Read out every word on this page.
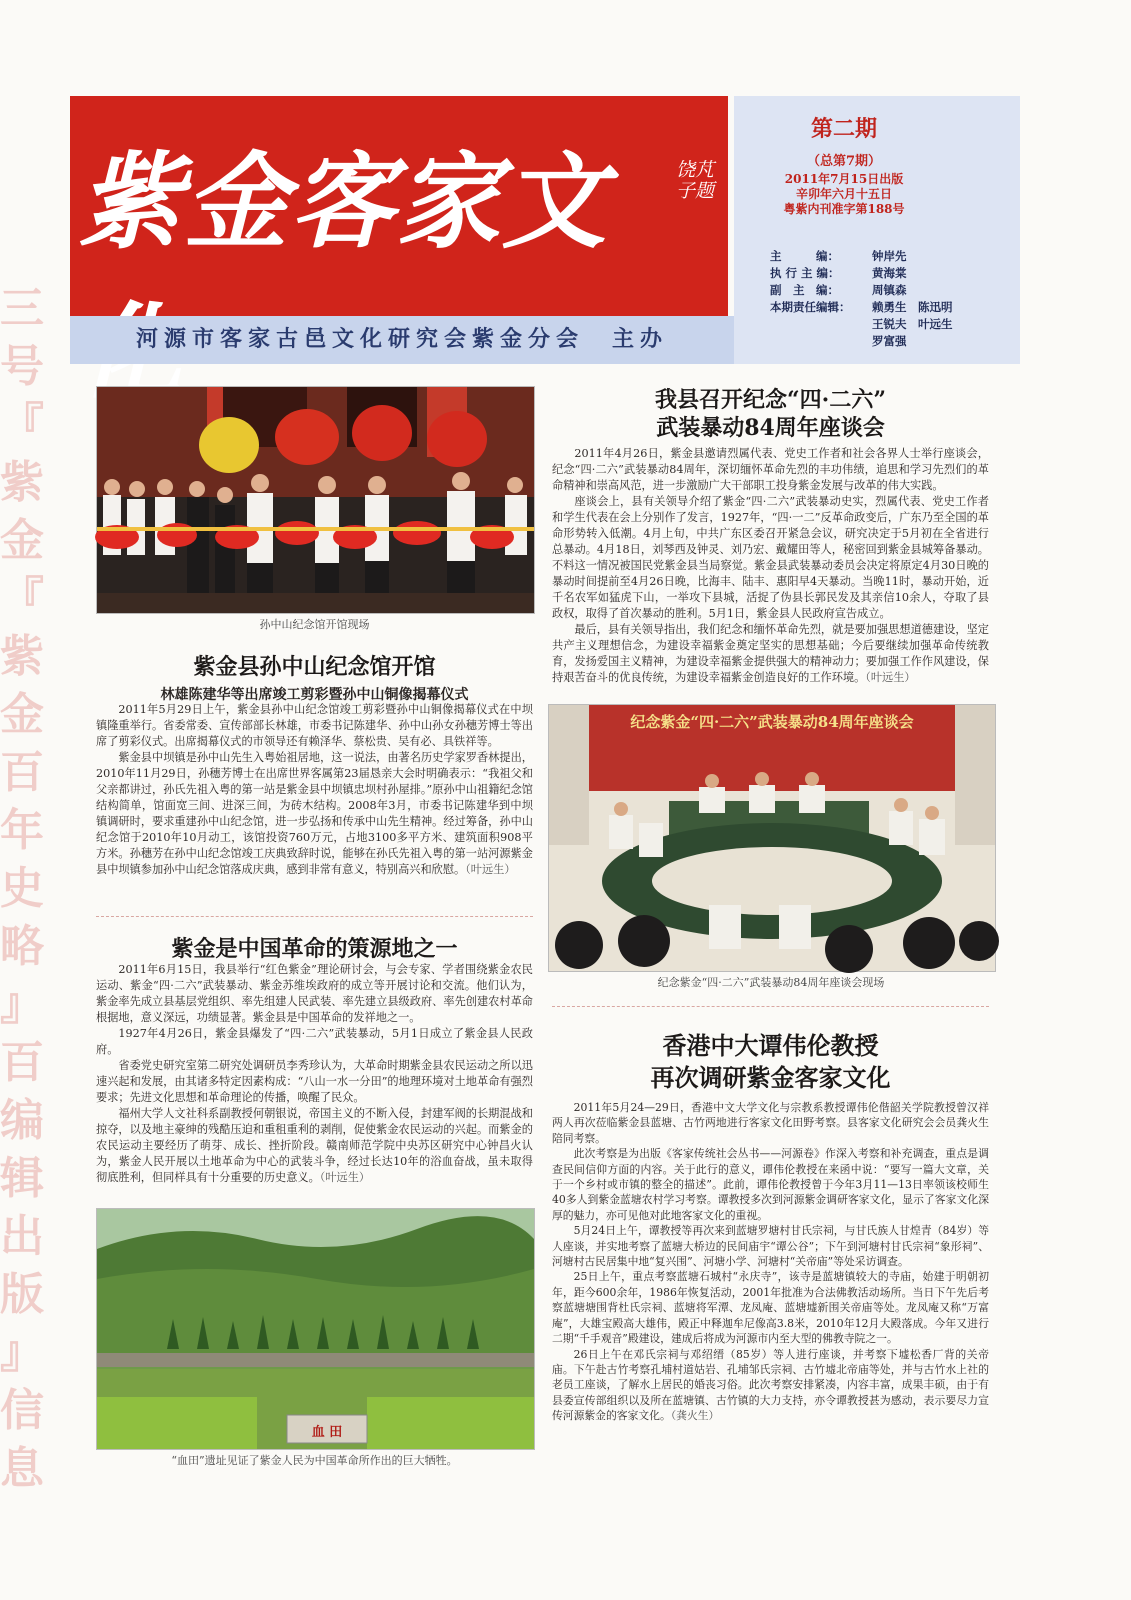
三
号
『
紫
金
『
紫
金
百
年
史
略
』
百
编
辑
出
版
』
信
息
紫金客家文	饶芃子题
河源市客家古邑文化研究会紫金分会　主办
第二期
（总第7期）
2011年7月15日出版
辛卯年六月十五日
粤紫内刊准字第188号
主　　　编：	钟岸先
执 行 主 编：	黄海棠
副　主　编：	周镇森
本期责任编辑：	赖勇生　陈迅明
王锐夫　叶远生
罗富强
孙中山纪念馆开馆现场
紫金县孙中山纪念馆开馆
林雄陈建华等出席竣工剪彩暨孙中山铜像揭幕仪式

2011年5月29日上午，紫金县孙中山纪念馆竣工剪彩暨孙中山铜像揭幕仪式在中坝镇隆重举行。省委常委、宣传部部长林雄，市委书记陈建华、孙中山孙女孙穗芳博士等出席了剪彩仪式。出席揭幕仪式的市领导还有赖泽华、蔡松贵、吴有必、具铁祥等。

紫金县中坝镇是孙中山先生入粤始祖居地，这一说法，由著名历史学家罗香林提出，2010年11月29日，孙穗芳博士在出席世界客属第23届恳亲大会时明确表示：“我祖父和父亲都讲过，孙氏先祖入粤的第一站是紫金县中坝镇忠坝村孙屋排。”原孙中山祖籍纪念馆结构简单，馆面宽三间、进深三间，为砖木结构。2008年3月，市委书记陈建华到中坝镇调研时，要求重建孙中山纪念馆，进一步弘扬和传承中山先生精神。经过筹备，孙中山纪念馆于2010年10月动工，该馆投资760万元，占地3100多平方米、建筑面积908平方米。孙穗芳在孙中山纪念馆竣工庆典致辞时说，能够在孙氏先祖入粤的第一站河源紫金县中坝镇参加孙中山纪念馆落成庆典，感到非常有意义，特别高兴和欣慰。（叶远生）

紫金是中国革命的策源地之一

2011年6月15日，我县举行“红色紫金”理论研讨会，与会专家、学者围绕紫金农民运动、紫金“四·二六”武装暴动、紫金苏维埃政府的成立等开展讨论和交流。他们认为，紫金率先成立县基层党组织、率先组建人民武装、率先建立县级政府、率先创建农村革命根据地，意义深远，功绩显著。紫金县是中国革命的发祥地之一。

1927年4月26日，紫金县爆发了“四·二六”武装暴动，5月1日成立了紫金县人民政府。

省委党史研究室第二研究处调研员李秀珍认为，大革命时期紫金县农民运动之所以迅速兴起和发展，由其诸多特定因素构成：“八山一水一分田”的地理环境对土地革命有强烈要求；先进文化思想和革命理论的传播，唤醒了民众。

福州大学人文社科系副教授何朝银说，帝国主义的不断入侵，封建军阀的长期混战和掠夺，以及地主豪绅的残酷压迫和重租重利的剥削，促使紫金农民运动的兴起。而紫金的农民运动主要经历了萌芽、成长、挫折阶段。赣南师范学院中央苏区研究中心钟昌火认为，紫金人民开展以土地革命为中心的武装斗争，经过长达10年的浴血奋战，虽未取得彻底胜利，但同样具有十分重要的历史意义。（叶远生）

血 田
“血田”遗址见证了紫金人民为中国革命所作出的巨大牺牲。
我县召开纪念“四·二六”
武装暴动84周年座谈会

2011年4月26日，紫金县邀请烈属代表、党史工作者和社会各界人士举行座谈会，纪念“四·二六”武装暴动84周年，深切缅怀革命先烈的丰功伟绩，追思和学习先烈们的革命精神和崇高风范，进一步激励广大干部职工投身紫金发展与改革的伟大实践。

座谈会上，县有关领导介绍了紫金“四·二六”武装暴动史实，烈属代表、党史工作者和学生代表在会上分别作了发言，1927年，“四·一二”反革命政变后，广东乃至全国的革命形势转入低潮。4月上旬，中共广东区委召开紧急会议，研究决定于5月初在全省进行总暴动。4月18日，刘琴西及钟灵、刘乃宏、戴耀田等人，秘密回到紫金县城筹备暴动。不料这一情况被国民党紫金县当局察觉。紫金县武装暴动委员会决定将原定4月30日晚的暴动时间提前至4月26日晚，比海丰、陆丰、惠阳早4天暴动。当晚11时，暴动开始，近千名农军如猛虎下山，一举攻下县城，活捉了伪县长郭民发及其亲信10余人，夺取了县政权，取得了首次暴动的胜利。5月1日，紫金县人民政府宣告成立。

最后，县有关领导指出，我们纪念和缅怀革命先烈，就是要加强思想道德建设，坚定共产主义理想信念，为建设幸福紫金奠定坚实的思想基础；今后要继续加强革命传统教育，发扬爱国主义精神，为建设幸福紫金提供强大的精神动力；要加强工作作风建设，保持艰苦奋斗的优良传统，为建设幸福紫金创造良好的工作环境。（叶远生）

纪念紫金“四·二六”武装暴动84周年座谈会
纪念紫金“四·二六”武装暴动84周年座谈会现场
香港中大谭伟伦教授
再次调研紫金客家文化

2011年5月24—29日，香港中文大学文化与宗教系教授谭伟伦偕韶关学院教授曾汉祥两人再次莅临紫金县蓝塘、古竹两地进行客家文化田野考察。县客家文化研究会会员龚火生陪同考察。

此次考察是为出版《客家传统社会丛书——河源卷》作深入考察和补充调查，重点是调查民间信仰方面的内容。关于此行的意义，谭伟伦教授在来函中说：“要写一篇大文章，关于一个乡村或市镇的整全的描述”。此前，谭伟伦教授曾于今年3月11—13日率领该校师生40多人到紫金蓝塘农村学习考察。谭教授多次到河源紫金调研客家文化，显示了客家文化深厚的魅力，亦可见他对此地客家文化的重视。

5月24日上午，谭教授等再次来到蓝塘罗塘村甘氏宗祠，与甘氏族人甘煌青（84岁）等人座谈，并实地考察了蓝塘大桥边的民间庙宇“谭公谷”；下午到河塘村甘氏宗祠“象形祠”、河塘村古民居集中地“复兴围”、河塘小学、河塘村“关帝庙”等处采访调查。

25日上午，重点考察蓝塘石城村“永庆寺”，该寺是蓝塘镇较大的寺庙，始建于明朝初年，距今600余年，1986年恢复活动，2001年批准为合法佛教活动场所。当日下午先后考察蓝塘塘围背杜氏宗祠、蓝塘将军潭、龙凤庵、蓝塘墟新围关帝庙等处。龙凤庵又称“万富庵”，大雄宝殿高大雄伟，殿正中释迦牟尼像高3.8米，2010年12月大殿落成。今年又进行二期“千手观音”殿建设，建成后将成为河源市内至大型的佛教寺院之一。

26日上午在邓氏宗祠与邓绍缙（85岁）等人进行座谈，并考察下墟松香厂背的关帝庙。下午赴古竹考察孔埔村道姑岩、孔埔邹氏宗祠、古竹墟北帝庙等处，并与古竹水上社的老员工座谈，了解水上居民的婚丧习俗。此次考察安排紧凑，内容丰富，成果丰硕，由于有县委宣传部组织以及所在蓝塘镇、古竹镇的大力支持，亦令谭教授甚为感动，表示要尽力宣传河源紫金的客家文化。（龚火生）
